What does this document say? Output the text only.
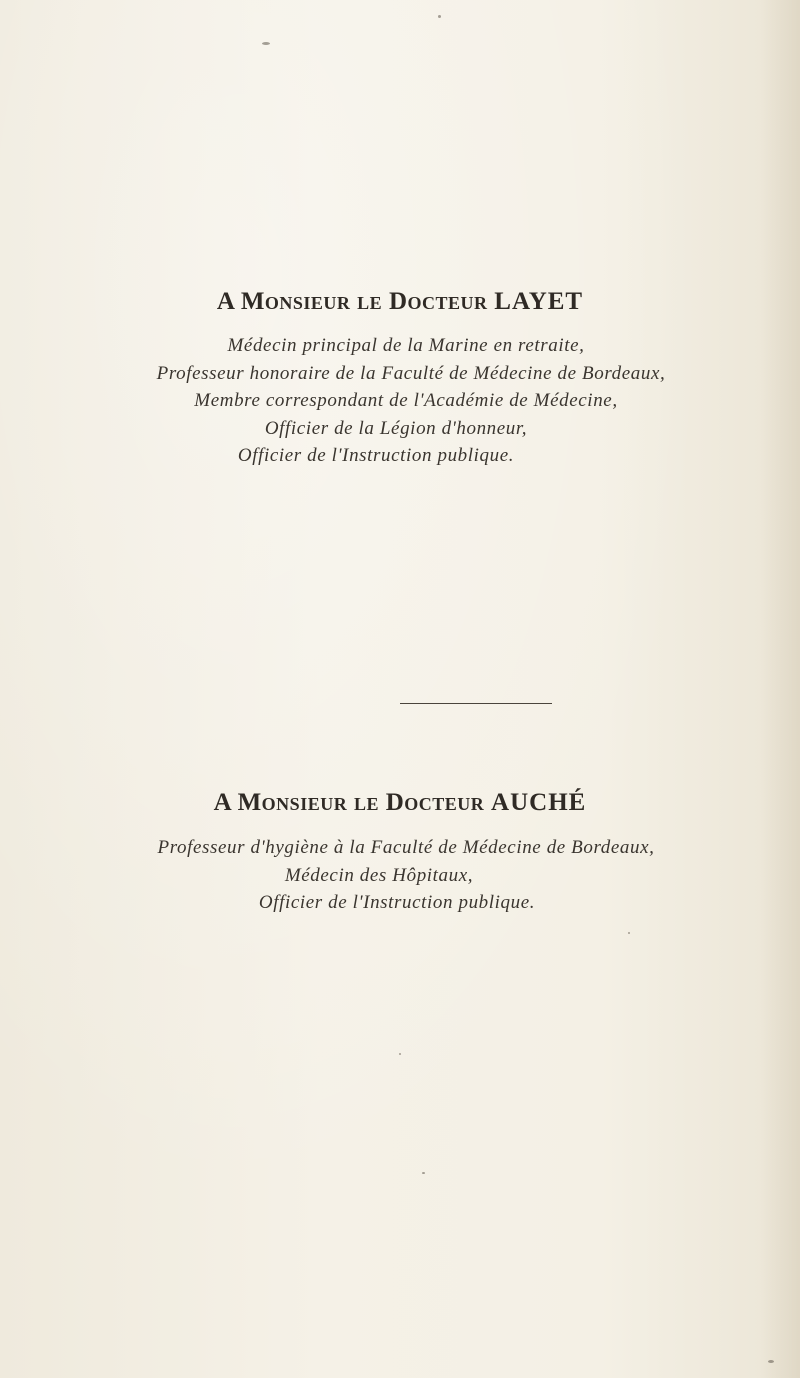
A Monsieur le Docteur LAYET

Médecin principal de la Marine en retraite,

Professeur honoraire de la Faculté de Médecine de Bordeaux,

Membre correspondant de l'Académie de Médecine,

Officier de la Légion d'honneur,

Officier de l'Instruction publique.

A Monsieur le Docteur AUCHÉ

Professeur d'hygiène à la Faculté de Médecine de Bordeaux,

Médecin des Hôpitaux,

Officier de l'Instruction publique.
